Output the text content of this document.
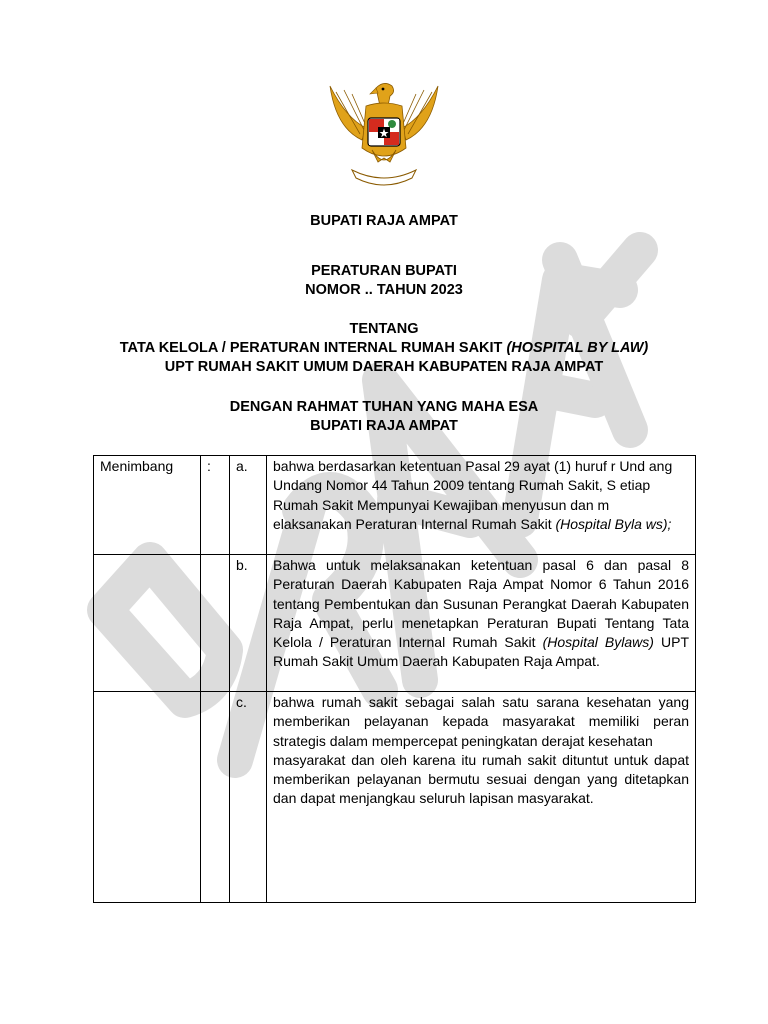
BUPATI RAJA AMPAT
PERATURAN BUPATI
NOMOR .. TAHUN 2023
TENTANG
TATA KELOLA / PERATURAN INTERNAL RUMAH SAKIT (HOSPITAL BY LAW)
UPT RUMAH SAKIT UMUM DAERAH KABUPATEN RAJA AMPAT
DENGAN RAHMAT TUHAN YANG MAHA ESA
BUPATI RAJA AMPAT
Menimbang	:	a.	bahwa berdasarkan ketentuan Pasal 29 ayat (1) huruf r Und ang Undang Nomor 44 Tahun 2009 tentang Rumah Sakit, S etiap Rumah Sakit Mempunyai Kewajiban menyusun dan m elaksanakan Peraturan Internal Rumah Sakit (Hospital Byla ws);
		b.	Bahwa untuk melaksanakan ketentuan pasal 6 dan pasal 8 Peraturan Daerah Kabupaten Raja Ampat Nomor 6 Tahun 2016 tentang Pembentukan dan Susunan Perangkat Daerah Kabupaten Raja Ampat, perlu menetapkan Peraturan Bupati Tentang Tata Kelola / Peraturan Internal Rumah Sakit (Hospital Bylaws) UPT Rumah Sakit Umum Daerah Kabupaten Raja Ampat.
		c.	bahwa rumah sakit sebagai salah satu sarana kesehatan yang memberikan pelayanan kepada masyarakat memiliki peran strategis dalam mempercepat peningkatan derajat kesehatan
masyarakat dan oleh karena itu rumah sakit dituntut untuk dapat memberikan pelayanan bermutu sesuai dengan yang ditetapkan dan dapat menjangkau seluruh lapisan masyarakat.
